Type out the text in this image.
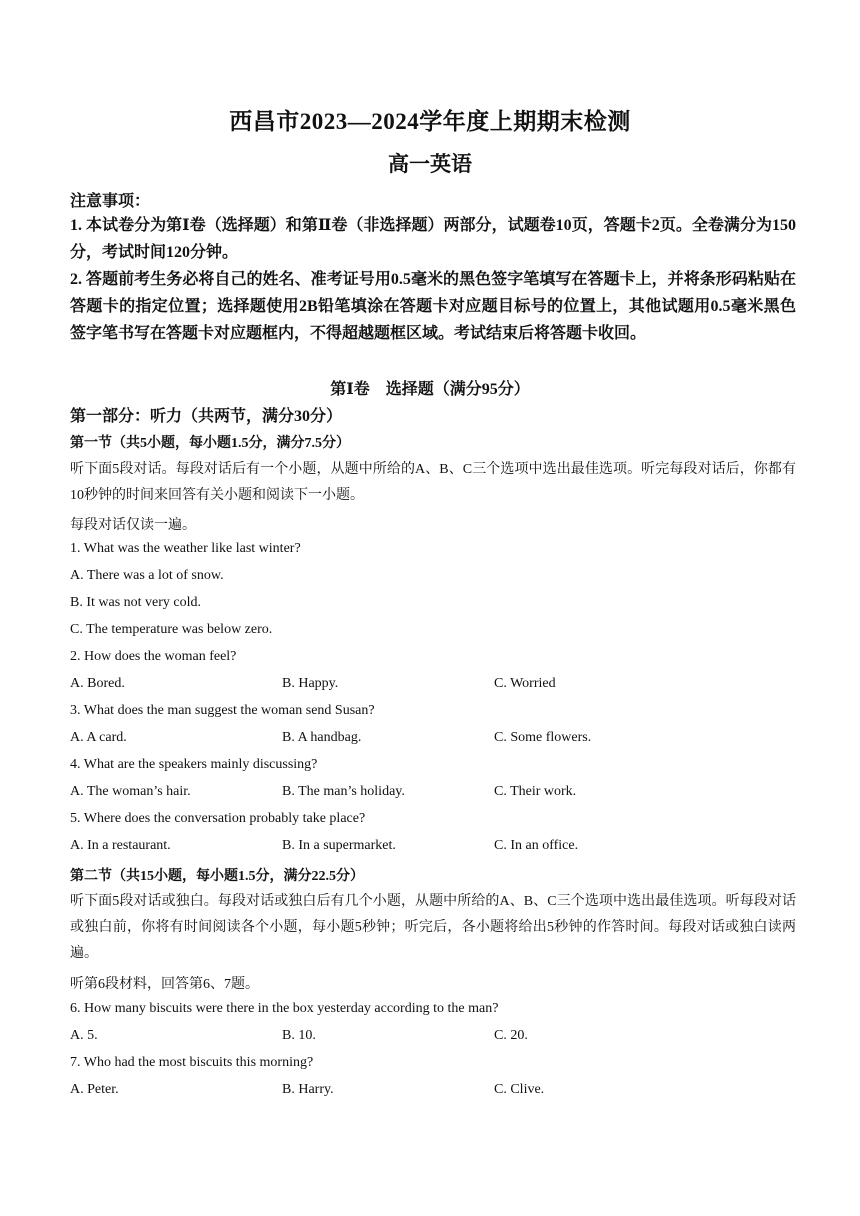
西昌市2023—2024学年度上期期末检测
高一英语
注意事项：
1. 本试卷分为第Ⅰ卷（选择题）和第Ⅱ卷（非选择题）两部分，试题卷10页，答题卡2页。全卷满分为150分，考试时间120分钟。
2. 答题前考生务必将自己的姓名、准考证号用0.5毫米的黑色签字笔填写在答题卡上，并将条形码粘贴在答题卡的指定位置；选择题使用2B铅笔填涂在答题卡对应题目标号的位置上，其他试题用0.5毫米黑色签字笔书写在答题卡对应题框内，不得超越题框区域。考试结束后将答题卡收回。
第Ⅰ卷　选择题（满分95分）
第一部分：听力（共两节，满分30分）
第一节（共5小题，每小题1.5分，满分7.5分）
听下面5段对话。每段对话后有一个小题，从题中所给的A、B、C三个选项中选出最佳选项。听完每段对话后，你都有10秒钟的时间来回答有关小题和阅读下一小题。
每段对话仅读一遍。
1. What was the weather like last winter?
A. There was a lot of snow.
B. It was not very cold.
C. The temperature was below zero.
2. How does the woman feel?
A. Bored.	B. Happy.	C. Worried
3. What does the man suggest the woman send Susan?
A. A card.	B. A handbag.	C. Some flowers.
4. What are the speakers mainly discussing?
A. The woman’s hair.	B. The man’s holiday.	C. Their work.
5. Where does the conversation probably take place?
A. In a restaurant.	B. In a supermarket.	C. In an office.
第二节（共15小题，每小题1.5分，满分22.5分）
听下面5段对话或独白。每段对话或独白后有几个小题，从题中所给的A、B、C三个选项中选出最佳选项。听每段对话或独白前，你将有时间阅读各个小题，每小题5秒钟；听完后，各小题将给出5秒钟的作答时间。每段对话或独白读两遍。
听第6段材料，回答第6、7题。
6. How many biscuits were there in the box yesterday according to the man?
A. 5.	B. 10.	C. 20.
7. Who had the most biscuits this morning?
A. Peter.	B. Harry.	C. Clive.
